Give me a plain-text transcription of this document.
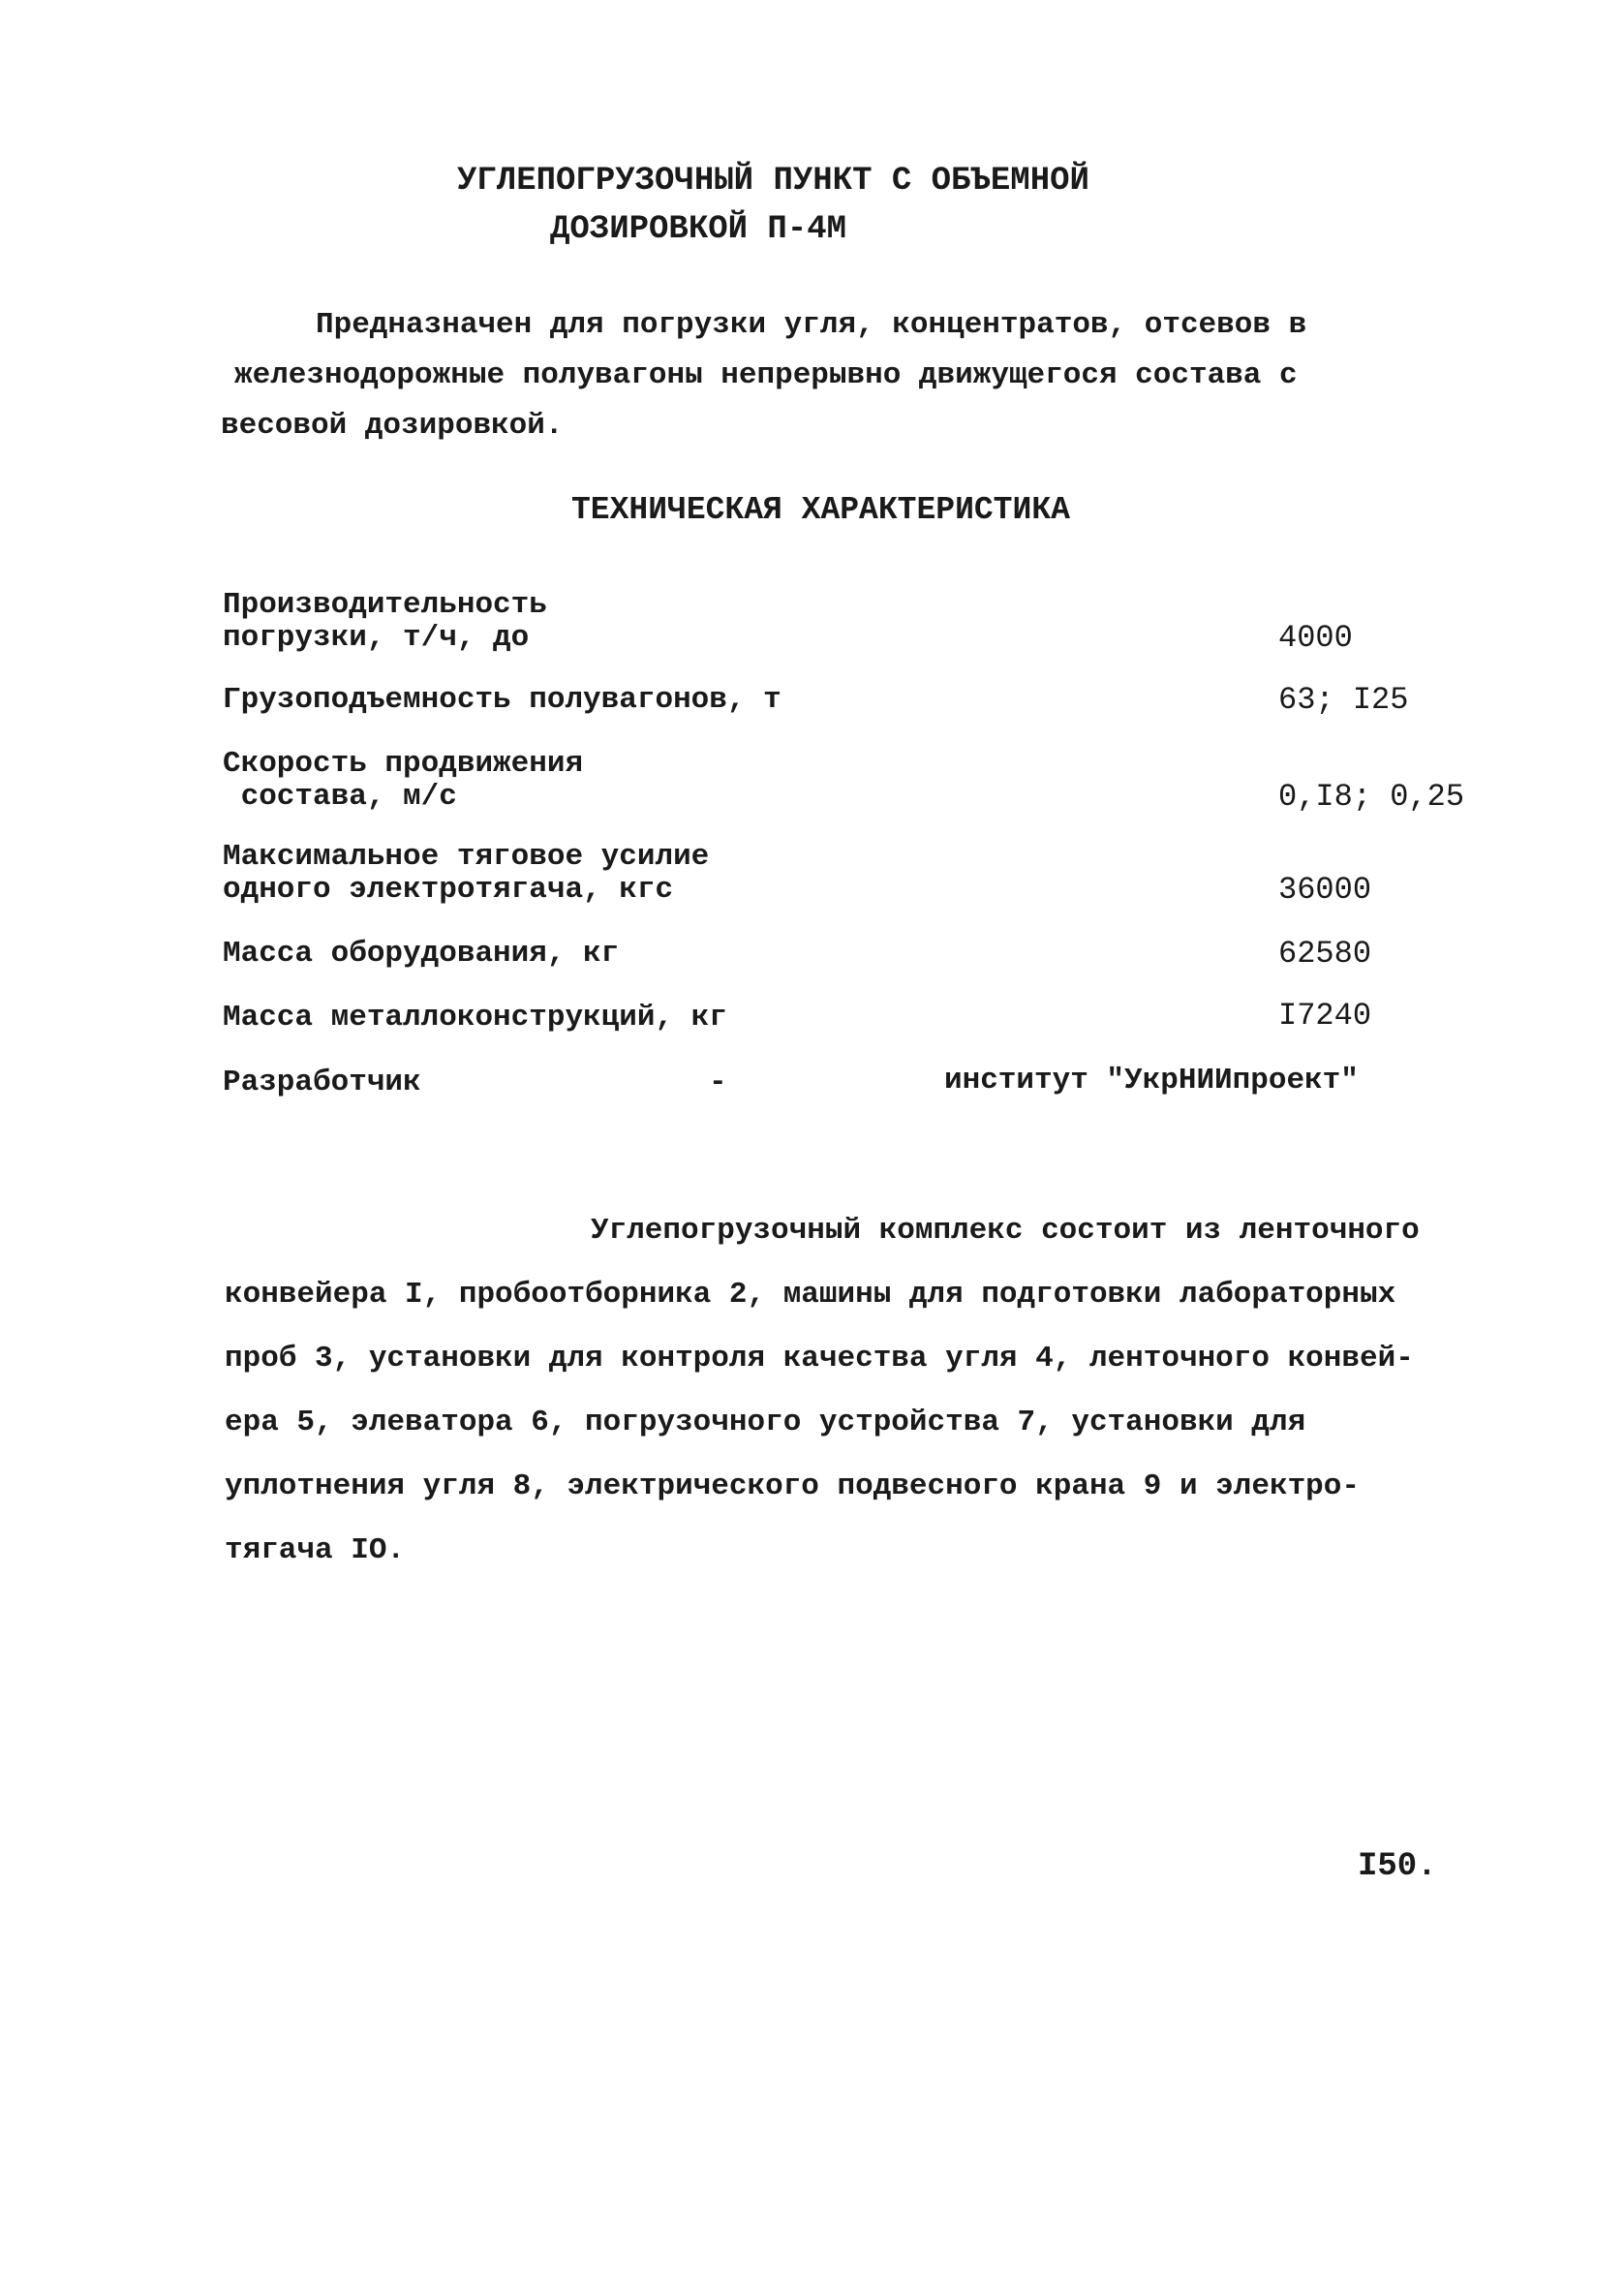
УГЛЕПОГРУЗОЧНЫЙ ПУНКТ С ОБЪЕМНОЙ
ДОЗИРОВКОЙ П-4М
Предназначен для погрузки угля, концентратов, отсевов в
железнодорожные полувагоны непрерывно движущегося состава с
весовой дозировкой.
ТЕХНИЧЕСКАЯ ХАРАКТЕРИСТИКА
Производительность
погрузки, т/ч, до	4000
Грузоподъемность полувагонов, т	63; I25
Скорость продвижения
состава, м/с	0,I8; 0,25
Максимальное тяговое усилие
одного электротягача, кгс	36000
Масса оборудования, кг	62580
Масса металлоконструкций, кг	I7240
Разработчик	-	институт "УкрНИИпроект"
Углепогрузочный комплекс состоит из ленточного
конвейера I, пробоотборника 2, машины для подготовки лабораторных
проб 3, установки для контроля качества угля 4, ленточного конвей-
ера 5, элеватора 6, погрузочного устройства 7, установки для
уплотнения угля 8, электрического подвесного крана 9 и электро-
тягача IO.
I50.
